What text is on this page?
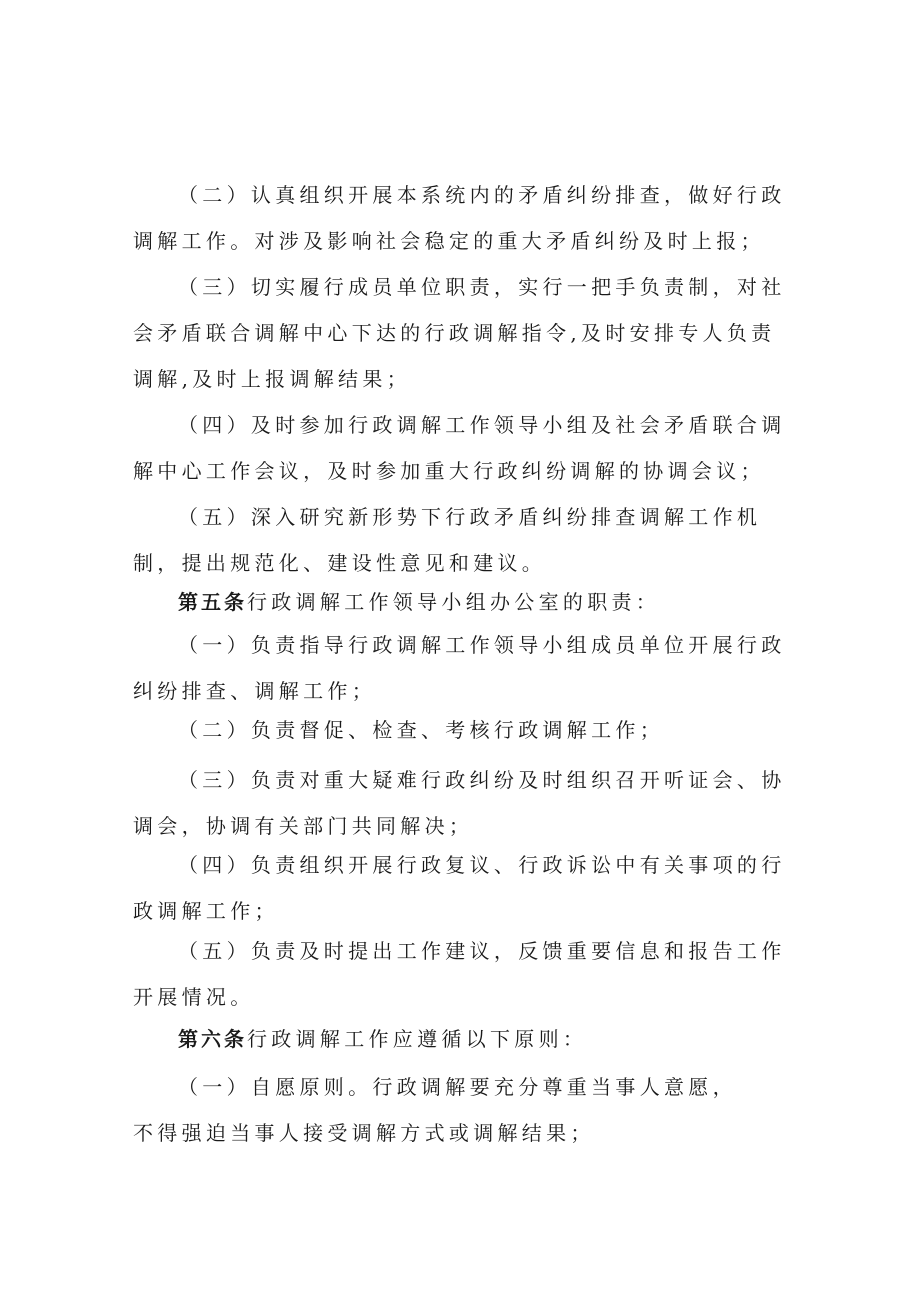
（二）认真组织开展本系统内的矛盾纠纷排查，做好行政调解工作。对涉及影响社会稳定的重大矛盾纠纷及时上报；

（三）切实履行成员单位职责，实行一把手负责制，对社会矛盾联合调解中心下达的行政调解指令,及时安排专人负责调解,及时上报调解结果；

（四）及时参加行政调解工作领导小组及社会矛盾联合调解中心工作会议，及时参加重大行政纠纷调解的协调会议；

（五）深入研究新形势下行政矛盾纠纷排查调解工作机制，提出规范化、建设性意见和建议。

第五条行政调解工作领导小组办公室的职责：

（一）负责指导行政调解工作领导小组成员单位开展行政纠纷排查、调解工作；

（二）负责督促、检查、考核行政调解工作；

（三）负责对重大疑难行政纠纷及时组织召开听证会、协调会，协调有关部门共同解决；

（四）负责组织开展行政复议、行政诉讼中有关事项的行政调解工作；

（五）负责及时提出工作建议，反馈重要信息和报告工作开展情况。

第六条行政调解工作应遵循以下原则：

（一）自愿原则。行政调解要充分尊重当事人意愿，不得强迫当事人接受调解方式或调解结果；
